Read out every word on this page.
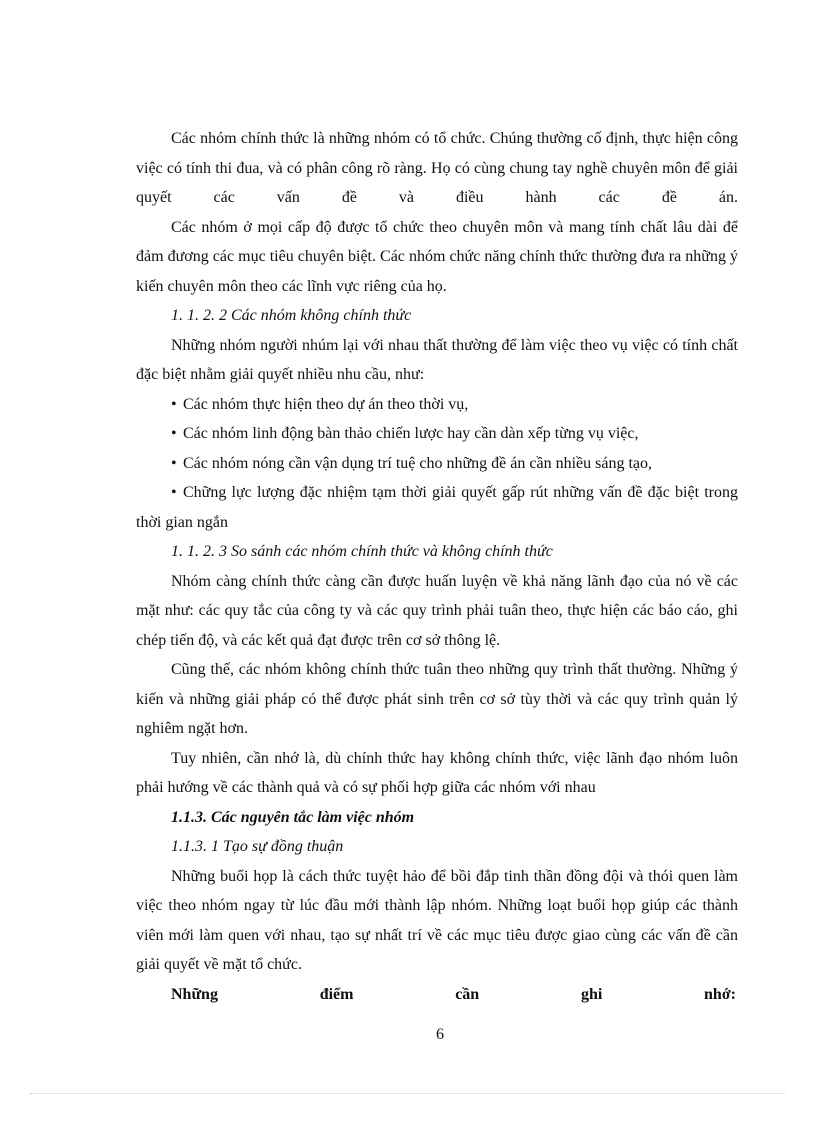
Các nhóm chính thức là những nhóm có tổ chức. Chúng thường cố định, thực hiện công việc có tính thi đua, và có phân công rõ ràng. Họ có cùng chung tay nghề chuyên môn để giải quyết các vấn đề và điều hành các đề án.

Các nhóm ở mọi cấp độ được tổ chức theo chuyên môn và mang tính chất lâu dài để đảm đương các mục tiêu chuyên biệt. Các nhóm chức năng chính thức thường đưa ra những ý kiến chuyên môn theo các lĩnh vực riêng của họ.

1. 1. 2. 2 Các nhóm không chính thức

Những nhóm người nhúm lại với nhau thất thường để làm việc theo vụ việc có tính chất đặc biệt nhằm giải quyết nhiều nhu cầu, như:

• Các nhóm thực hiện theo dự án theo thời vụ,

• Các nhóm linh động bàn thảo chiến lược hay cần dàn xếp từng vụ việc,

• Các nhóm nóng cần vận dụng trí tuệ cho những đề án cần nhiều sáng tạo,

• Chững lực lượng đặc nhiệm tạm thời giải quyết gấp rút những vấn đề đặc biệt trong thời gian ngắn

1. 1. 2. 3 So sánh các nhóm chính thức và không chính thức

Nhóm càng chính thức càng cần được huấn luyện về khả năng lãnh đạo của nó về các mặt như: các quy tắc của công ty và các quy trình phải tuân theo, thực hiện các báo cáo, ghi chép tiến độ, và các kết quả đạt được trên cơ sở thông lệ.

Cũng thế, các nhóm không chính thức tuân theo những quy trình thất thường. Những ý kiến và những giải pháp có thể được phát sinh trên cơ sở tùy thời và các quy trình quản lý nghiêm ngặt hơn.

Tuy nhiên, cần nhớ là, dù chính thức hay không chính thức, việc lãnh đạo nhóm luôn phải hướng về các thành quả và có sự phối hợp giữa các nhóm với nhau

1.1.3. Các nguyên tắc làm việc nhóm

1.1.3. 1 Tạo sự đồng thuận

Những buổi họp là cách thức tuyệt hảo để bồi đắp tinh thần đồng đội và thói quen làm việc theo nhóm ngay từ lúc đầu mới thành lập nhóm. Những loạt buổi họp giúp các thành viên mới làm quen với nhau, tạo sự nhất trí về các mục tiêu được giao cùng các vấn đề cần giải quyết về mặt tổ chức.

Những	điểm	cần	ghi	nhớ:
6
